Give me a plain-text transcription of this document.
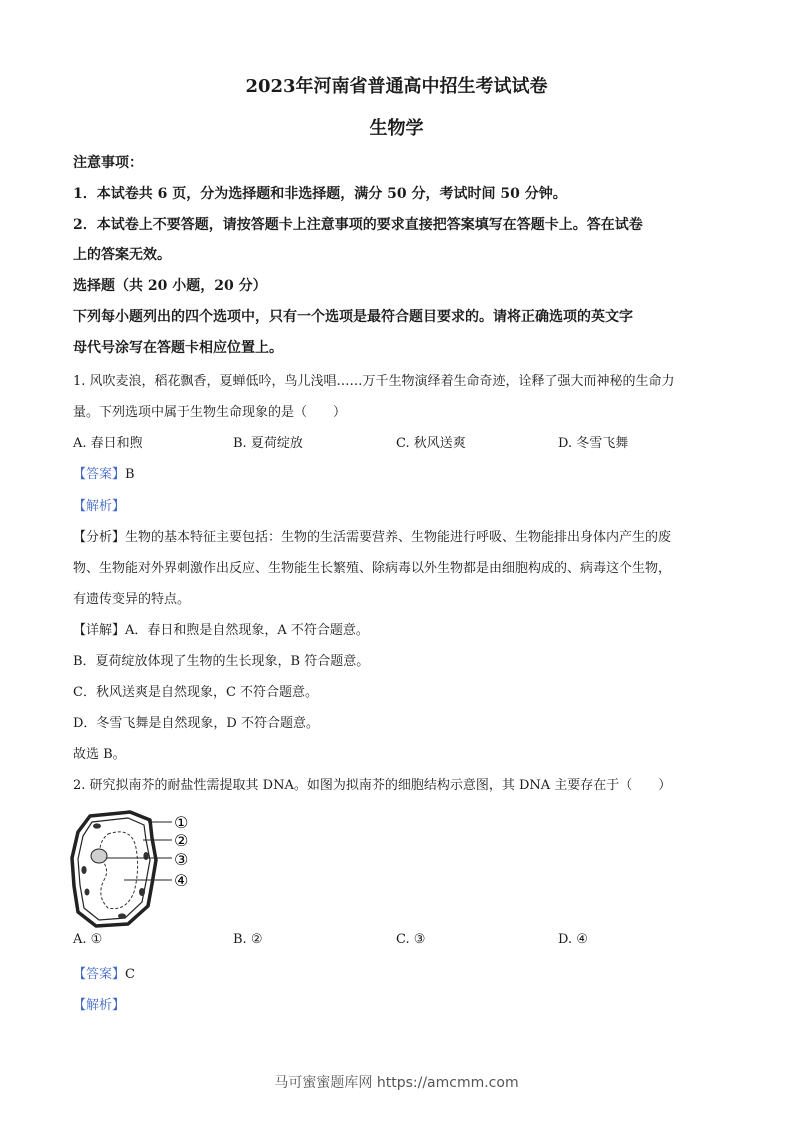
2023年河南省普通高中招生考试试卷
生物学
注意事项：
1．本试卷共 6 页，分为选择题和非选择题，满分 50 分，考试时间 50 分钟。
2．本试卷上不要答题，请按答题卡上注意事项的要求直接把答案填写在答题卡上。答在试卷
上的答案无效。
选择题（共 20 小题，20 分）
下列每小题列出的四个选项中，只有一个选项是最符合题目要求的。请将正确选项的英文字
母代号涂写在答题卡相应位置上。
1. 风吹麦浪，稻花飘香，夏蝉低吟，鸟儿浅唱……万千生物演绎着生命奇迹，诠释了强大而神秘的生命力
量。下列选项中属于生物生命现象的是（　　）
A. 春日和煦	B. 夏荷绽放	C. 秋风送爽	D. 冬雪飞舞
【答案】B
【解析】
【分析】生物的基本特征主要包括：生物的生活需要营养、生物能进行呼吸、生物能排出身体内产生的废
物、生物能对外界刺激作出反应、生物能生长繁殖、除病毒以外生物都是由细胞构成的、病毒这个生物，
有遗传变异的特点。
【详解】A．春日和煦是自然现象，A 不符合题意。
B．夏荷绽放体现了生物的生长现象，B 符合题意。
C．秋风送爽是自然现象，C 不符合题意。
D．冬雪飞舞是自然现象，D 不符合题意。
故选 B。
2. 研究拟南芥的耐盐性需提取其 DNA。如图为拟南芥的细胞结构示意图，其 DNA 主要存在于（　　）
①
②
③
④
A. ①	B. ②	C. ③	D. ④
【答案】C
【解析】
马可蜜蜜题库网 https://amcmm.com
